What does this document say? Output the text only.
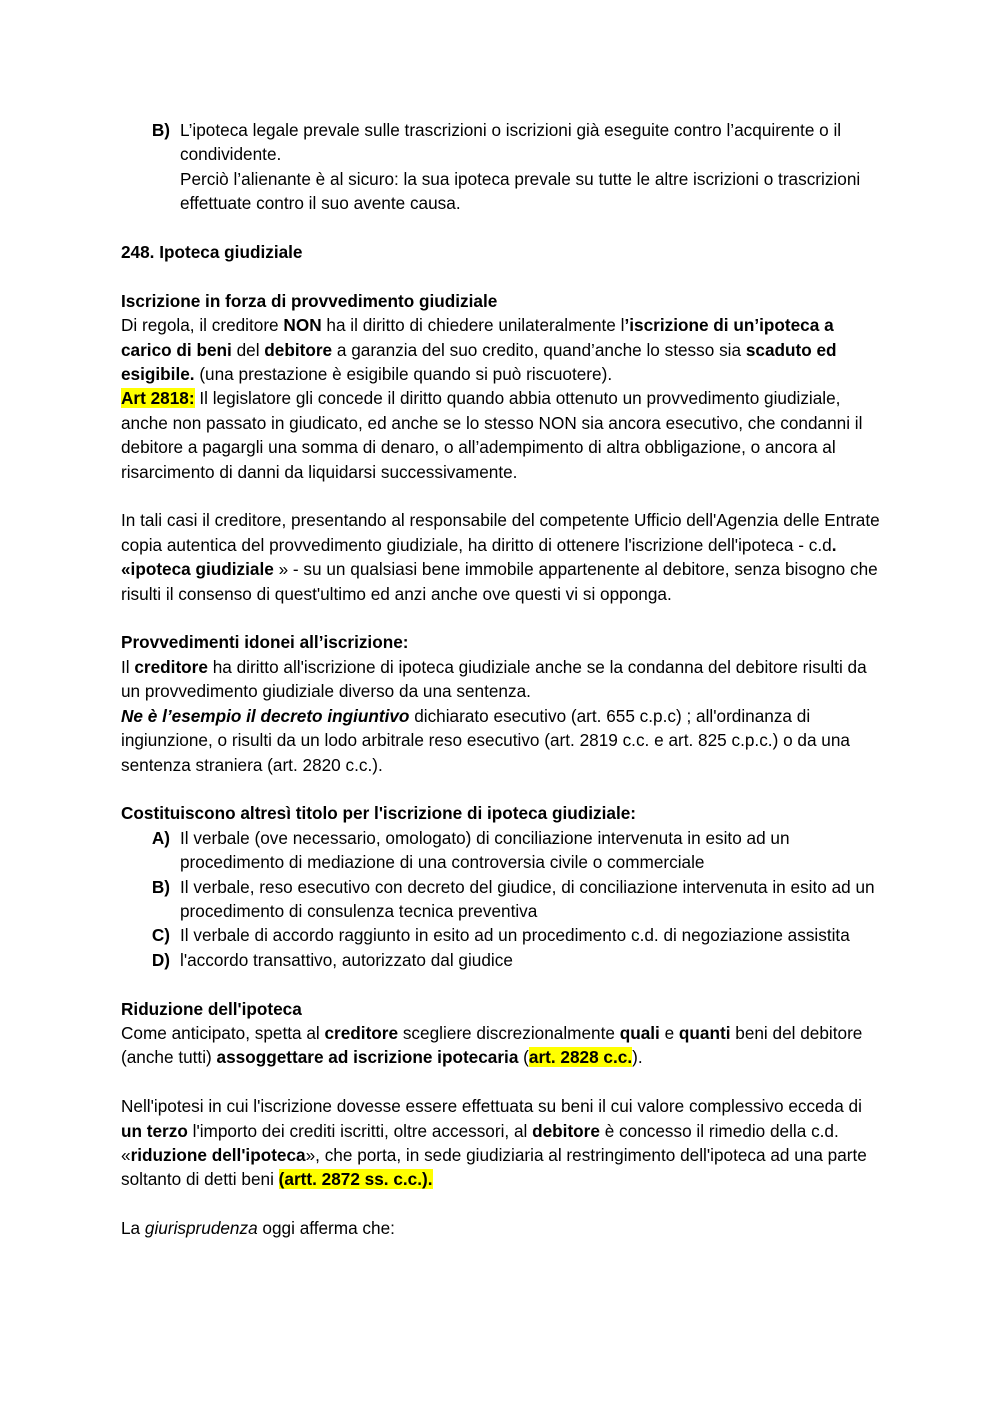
B) L’ipoteca legale prevale sulle trascrizioni o iscrizioni già eseguite contro l’acquirente o il condividente.
Perciò l’alienante è al sicuro: la sua ipoteca prevale su tutte le altre iscrizioni o trascrizioni effettuate contro il suo avente causa.

248. Ipoteca giudiziale

Iscrizione in forza di provvedimento giudiziale

Di regola, il creditore NON ha il diritto di chiedere unilateralmente l’iscrizione di un’ipoteca a carico di beni del debitore a garanzia del suo credito, quand’anche lo stesso sia scaduto ed esigibile. (una prestazione è esigibile quando si può riscuotere).

Art 2818: Il legislatore gli concede il diritto quando abbia ottenuto un provvedimento giudiziale, anche non passato in giudicato, ed anche se lo stesso NON sia ancora esecutivo, che condanni il debitore a pagargli una somma di denaro, o all’adempimento di altra obbligazione, o ancora al risarcimento di danni da liquidarsi successivamente.

In tali casi il creditore, presentando al responsabile del competente Ufficio dell'Agenzia delle Entrate copia autentica del provvedimento giudiziale, ha diritto di ottenere l'iscrizione dell'ipoteca - c.d. «ipoteca giudiziale » - su un qualsiasi bene immobile appartenente al debitore, senza bisogno che risulti il consenso di quest'ultimo ed anzi anche ove questi vi si opponga.

Provvedimenti idonei all’iscrizione:

Il creditore ha diritto all'iscrizione di ipoteca giudiziale anche se la condanna del debitore risulti da un provvedimento giudiziale diverso da una sentenza.

Ne è l’esempio il decreto ingiuntivo dichiarato esecutivo (art. 655 c.p.c) ; all'ordinanza di ingiunzione, o risulti da un lodo arbitrale reso esecutivo (art. 2819 c.c. e art. 825 c.p.c.) o da una sentenza straniera (art. 2820 c.c.).

Costituiscono altresì titolo per l'iscrizione di ipoteca giudiziale:

A) Il verbale (ove necessario, omologato) di conciliazione intervenuta in esito ad un procedimento di mediazione di una controversia civile o commerciale
B) Il verbale, reso esecutivo con decreto del giudice, di conciliazione intervenuta in esito ad un procedimento di consulenza tecnica preventiva
C) Il verbale di accordo raggiunto in esito ad un procedimento c.d. di negoziazione assistita
D) l'accordo transattivo, autorizzato dal giudice

Riduzione dell'ipoteca

Come anticipato, spetta al creditore scegliere discrezionalmente quali e quanti beni del debitore (anche tutti) assoggettare ad iscrizione ipotecaria (art. 2828 c.c.).

Nell'ipotesi in cui l'iscrizione dovesse essere effettuata su beni il cui valore complessivo ecceda di un terzo l'importo dei crediti iscritti, oltre accessori, al debitore è concesso il rimedio della c.d. «riduzione dell'ipoteca», che porta, in sede giudiziaria al restringimento dell'ipoteca ad una parte soltanto di detti beni (artt. 2872 ss. c.c.).

La giurisprudenza oggi afferma che:
